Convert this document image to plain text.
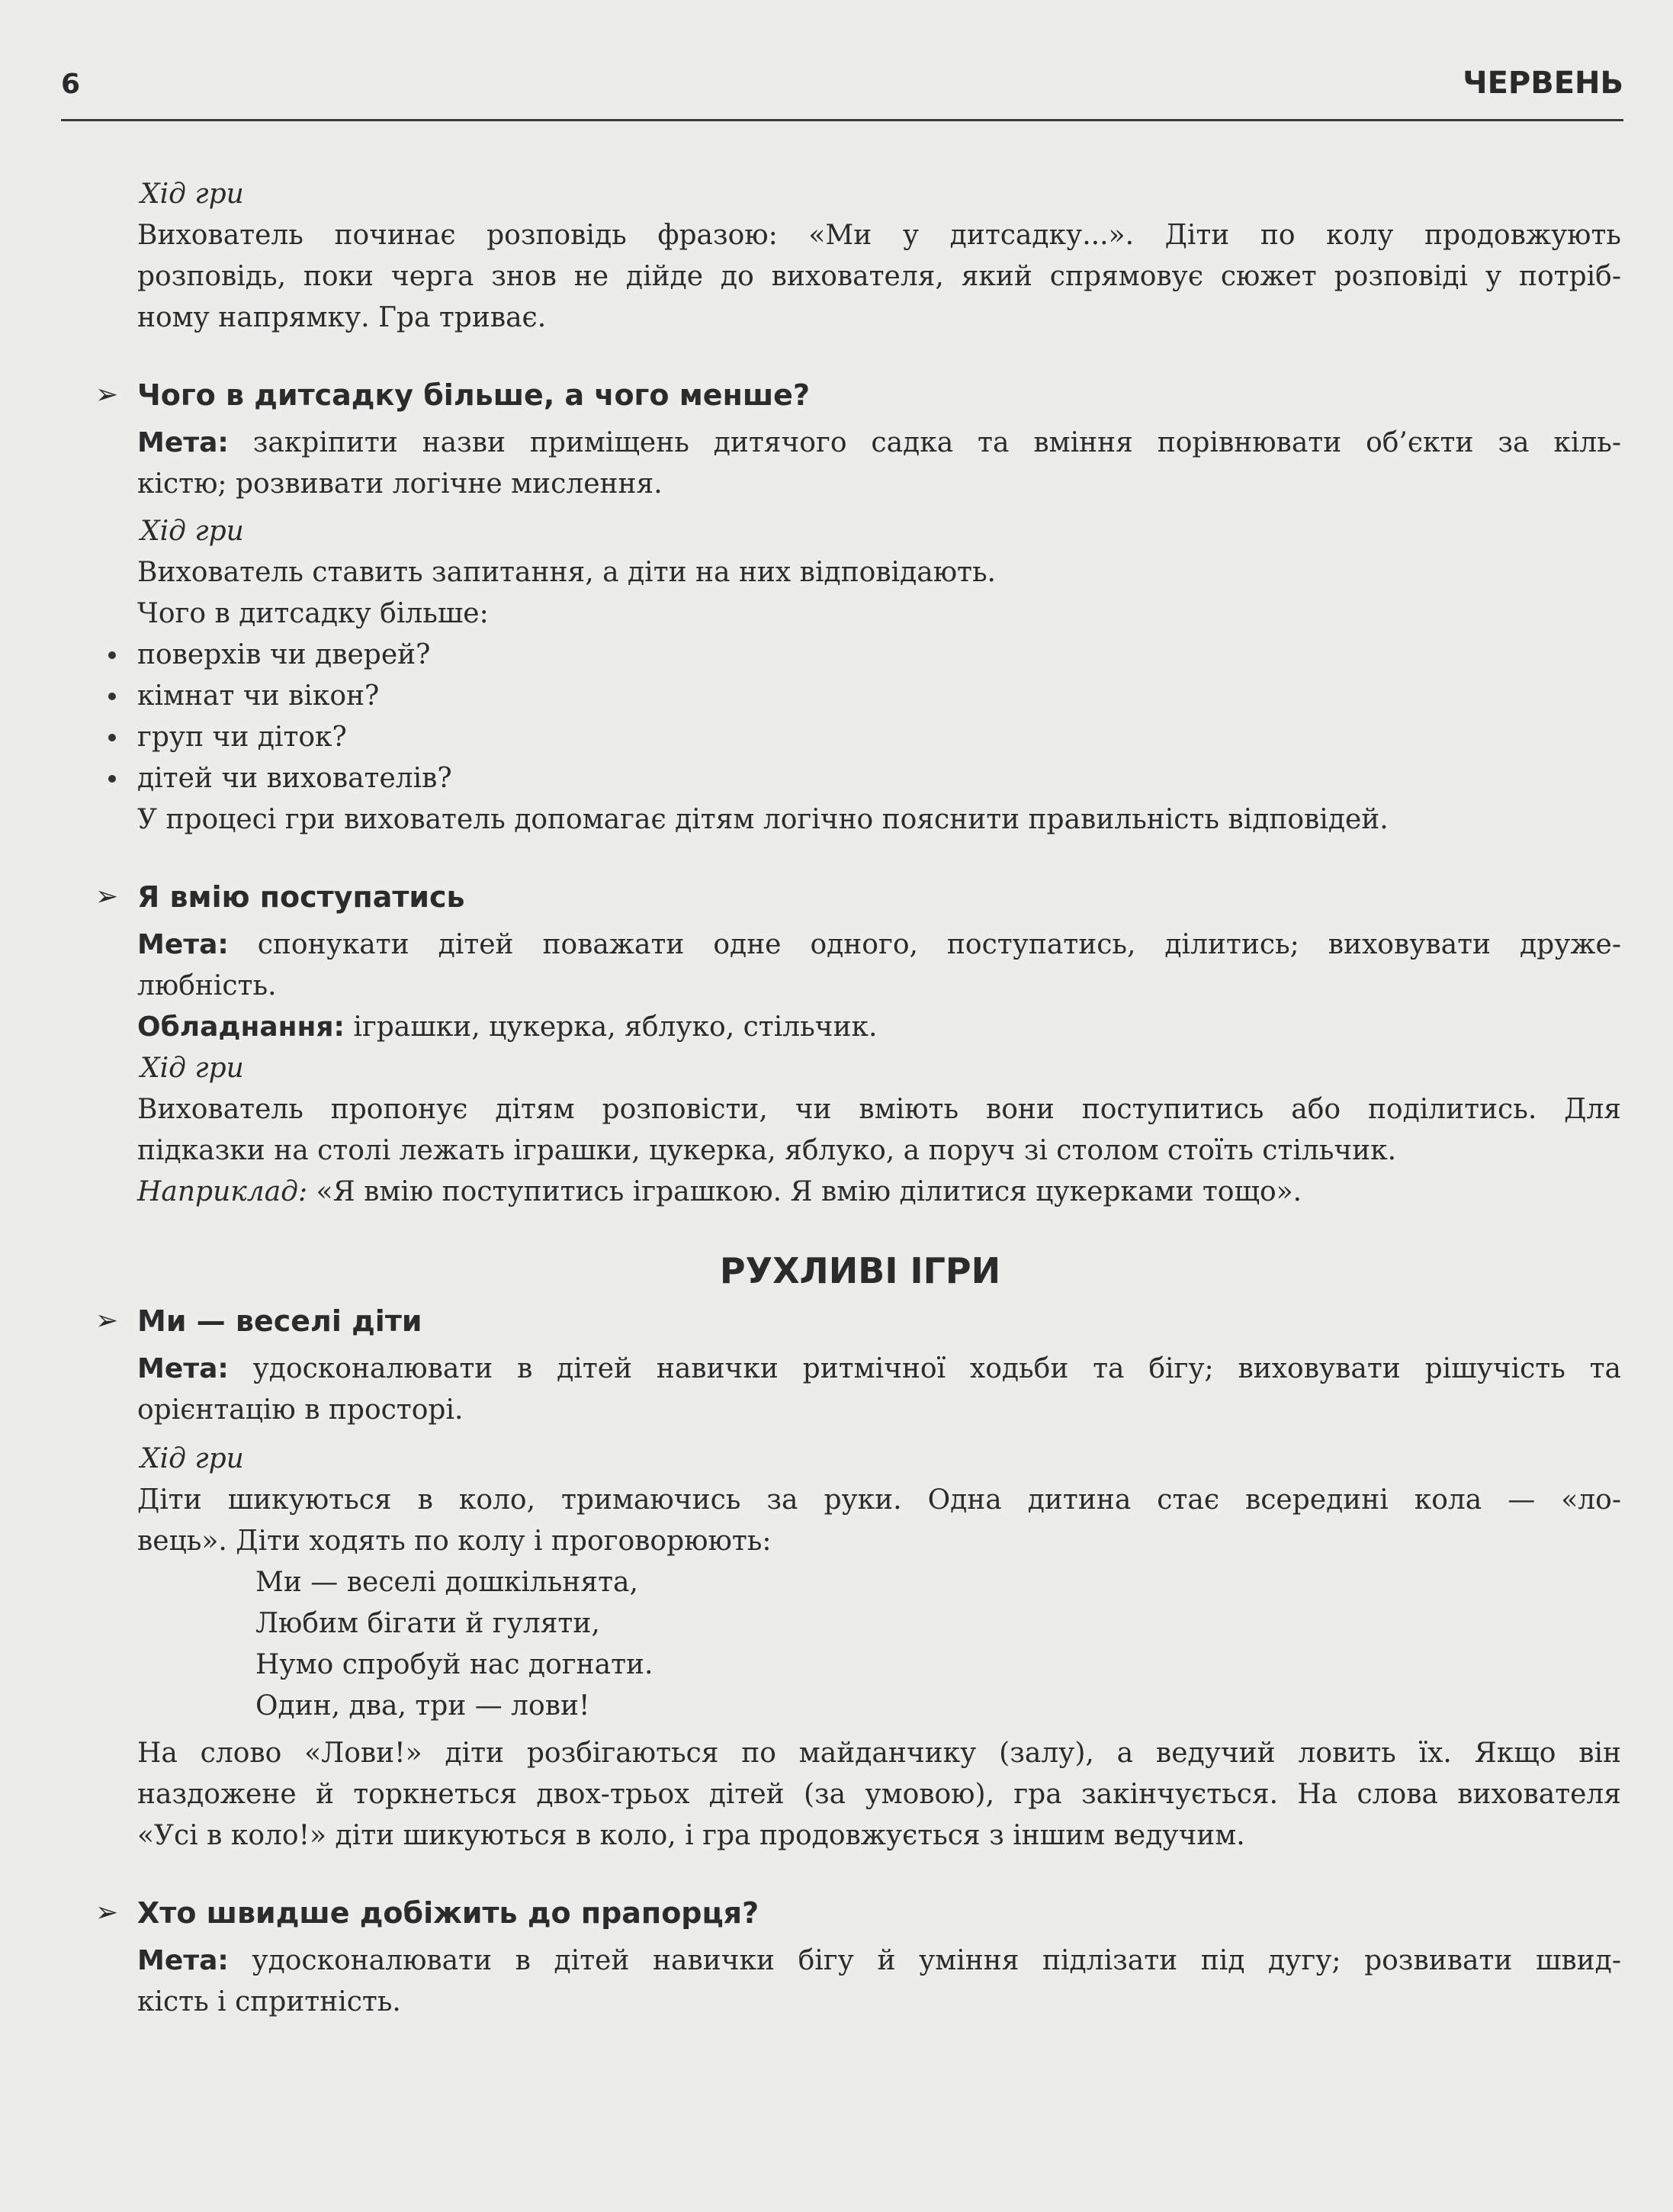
6	ЧЕРВЕНЬ
Хід гри
Вихователь починає розповідь фразою: «Ми у дитсадку...». Діти по колу продовжують
розповідь, поки черга знов не дійде до вихователя, який спрямовує сюжет розповіді у потріб-
ному напрямку. Гра триває.
➢ Чого в дитсадку більше, а чого менше?
Мета: закріпити назви приміщень дитячого садка та вміння порівнювати об’єкти за кіль-
кістю; розвивати логічне мислення.
Хід гри
Вихователь ставить запитання, а діти на них відповідають.
Чого в дитсадку більше:
поверхів чи дверей?
кімнат чи вікон?
груп чи діток?
дітей чи вихователів?
У процесі гри вихователь допомагає дітям логічно пояснити правильність відповідей.
➢ Я вмію поступатись
Мета: спонукати дітей поважати одне одного, поступатись, ділитись; виховувати друже-
любність.
Обладнання: іграшки, цукерка, яблуко, стільчик.
Хід гри
Вихователь пропонує дітям розповісти, чи вміють вони поступитись або поділитись. Для
підказки на столі лежать іграшки, цукерка, яблуко, а поруч зі столом стоїть стільчик.
Наприклад: «Я вмію поступитись іграшкою. Я вмію ділитися цукерками тощо».
РУХЛИВІ ІГРИ
➢ Ми — веселі діти
Мета: удосконалювати в дітей навички ритмічної ходьби та бігу; виховувати рішучість та
орієнтацію в просторі.
Хід гри
Діти шикуються в коло, тримаючись за руки. Одна дитина стає всередині кола — «ло-
вець». Діти ходять по колу і проговорюють:
Ми — веселі дошкільнята,
Любим бігати й гуляти,
Нумо спробуй нас догнати.
Один, два, три — лови!
На слово «Лови!» діти розбігаються по майданчику (залу), а ведучий ловить їх. Якщо він
наздожене й торкнеться двох-трьох дітей (за умовою), гра закінчується. На слова вихователя
«Усі в коло!» діти шикуються в коло, і гра продовжується з іншим ведучим.
➢ Хто швидше добіжить до прапорця?
Мета: удосконалювати в дітей навички бігу й уміння підлізати під дугу; розвивати швид-
кість і спритність.
